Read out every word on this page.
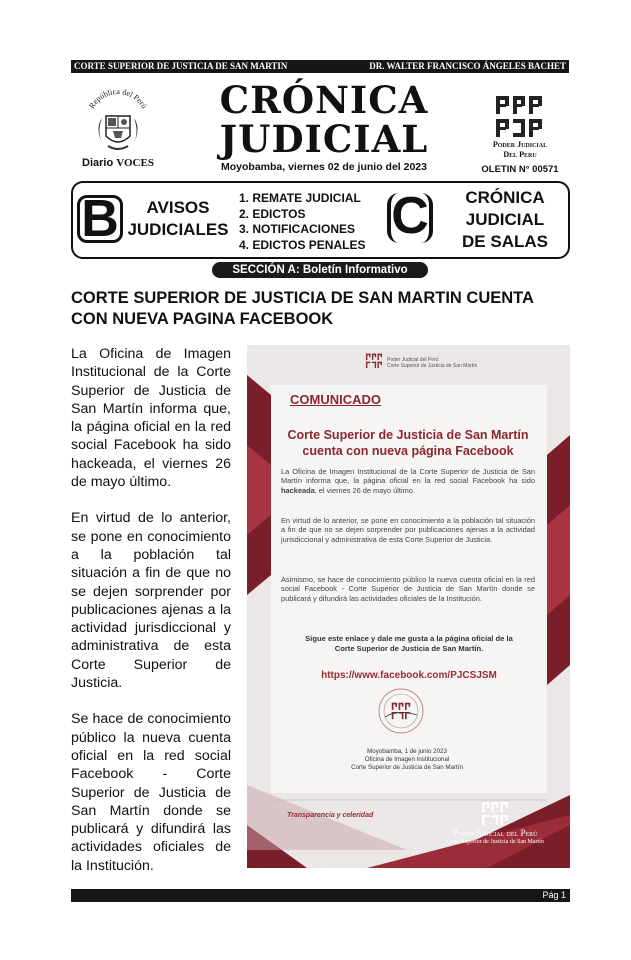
CORTE SUPERIOR DE JUSTICIA DE SAN MARTIN	DR. WALTER FRANCISCO ÁNGELES BACHET
República del Perú
Diario VOCES
CRÓNICA
JUDICIAL
Moyobamba, viernes 02 de junio del 2023
Poder Judicial
Del Peru
OLETIN N° 00571
B	AVISOS
JUDICIALES
1. REMATE JUDICIAL
2. EDICTOS
3. NOTIFICACIONES
4. EDICTOS PENALES C	CRÓNICA
JUDICIAL
DE SALAS
SECCIÓN A: Boletín Informativo
CORTE SUPERIOR DE JUSTICIA DE SAN MARTIN CUENTA
CON NUEVA PAGINA FACEBOOK

La Oficina de Imagen Institucional de la Corte Superior de Justicia de San Martín informa que, la página oficial en la red social Facebook ha sido hackeada, el viernes 26 de mayo último.

En virtud de lo anterior, se pone en conocimiento a la población tal situación a fin de que no se dejen sorprender por publicaciones ajenas a la actividad jurisdiccional y administrativa de esta Corte Superior de Justicia.

Se hace de conocimiento público la nueva cuenta oficial en la red social Facebook - Corte Superior de Justicia de San Martín donde se publicará y difundirá las actividades oficiales de la Institución.

Poder Judicial del Perú
Corte Superior de Justicia de San Martín
COMUNICADO
Corte Superior de Justicia de San Martín
cuenta con nueva página Facebook
La Oficina de Imagen Institucional de la Corte Superior de Justicia de San Martín informa que, la página oficial en la red social Facebook ha sido hackeada, el viernes 26 de mayo último.
En virtud de lo anterior, se pone en conocimiento a la población tal situación a fin de que no se dejen sorprender por publicaciones ajenas a la actividad jurisdiccional y administrativa de esta Corte Superior de Justicia.
Asimismo, se hace de conocimiento público la nueva cuenta oficial en la red social Facebook - Corte Superior de Justicia de San Martín donde se publicará y difundirá las actividades oficiales de la Institución.
Sigue este enlace y dale me gusta a la página oficial de la
Corte Superior de Justicia de San Martín.
https://www.facebook.com/PJCSJSM
Moyobamba, 1 de junio 2023
Oficina de Imagen Institucional
Corte Superior de Justicia de San Martín
Transparencia y celeridad
Poder Judicial del Perú
Corte Superior de Justicia de San Martín
Pág 1
